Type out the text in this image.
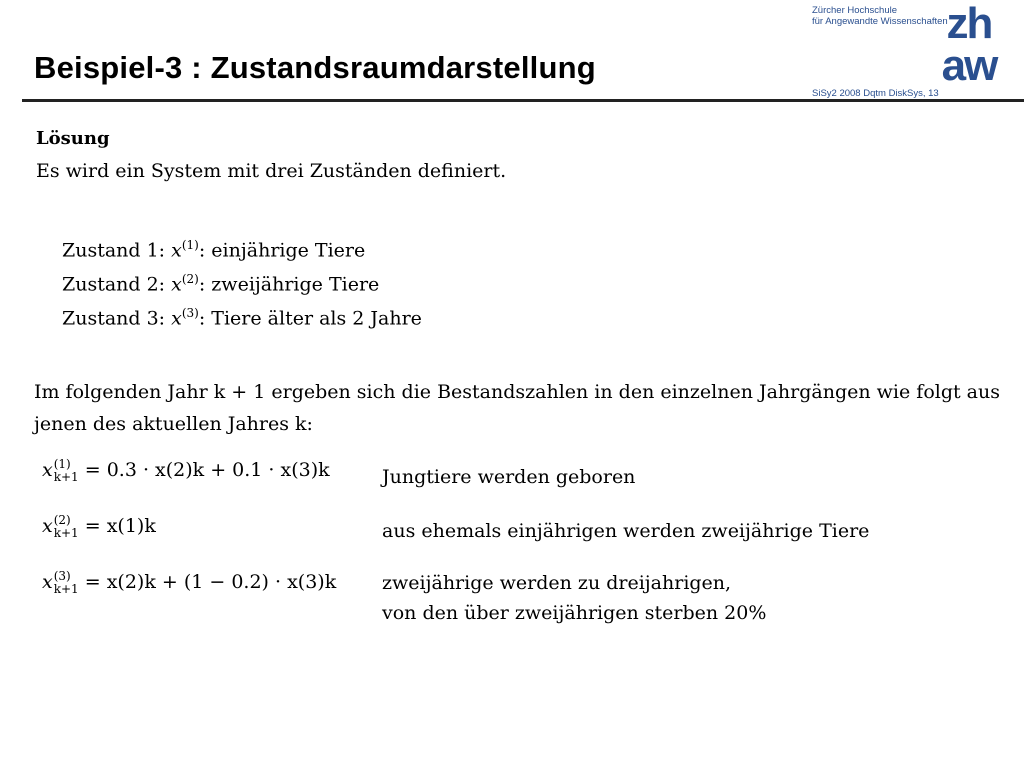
Beispiel-3 : Zustandsraumdarstellung
Zürcher Hochschule
für Angewandte Wissenschaften
zh
aw
SiSy2 2008 Dqtm DiskSys, 13
Lösung
Es wird ein System mit drei Zuständen definiert.
Zustand 1: $x^{(1)}$: einjährige Tiere
Zustand 2: $x^{(2)}$: zweijährige Tiere
Zustand 3: $x^{(3)}$: Tiere älter als 2 Jahre
Im folgenden Jahr k + 1 ergeben sich die Bestandszahlen in den einzelnen Jahrgängen wie folgt aus jenen des aktuellen Jahres k:
x (1)
k+1 = 0.3 · x(2)k + 0.1 · x(3)k	Jungtiere werden geboren
x (2)
k+1 = x(1)k	aus ehemals einjährigen werden zweijährige Tiere
x (3)
k+1 = x(2)k + (1 − 0.2) · x(3)k zweijährige werden zu dreijahrigen,
von den über zweijährigen sterben 20%
